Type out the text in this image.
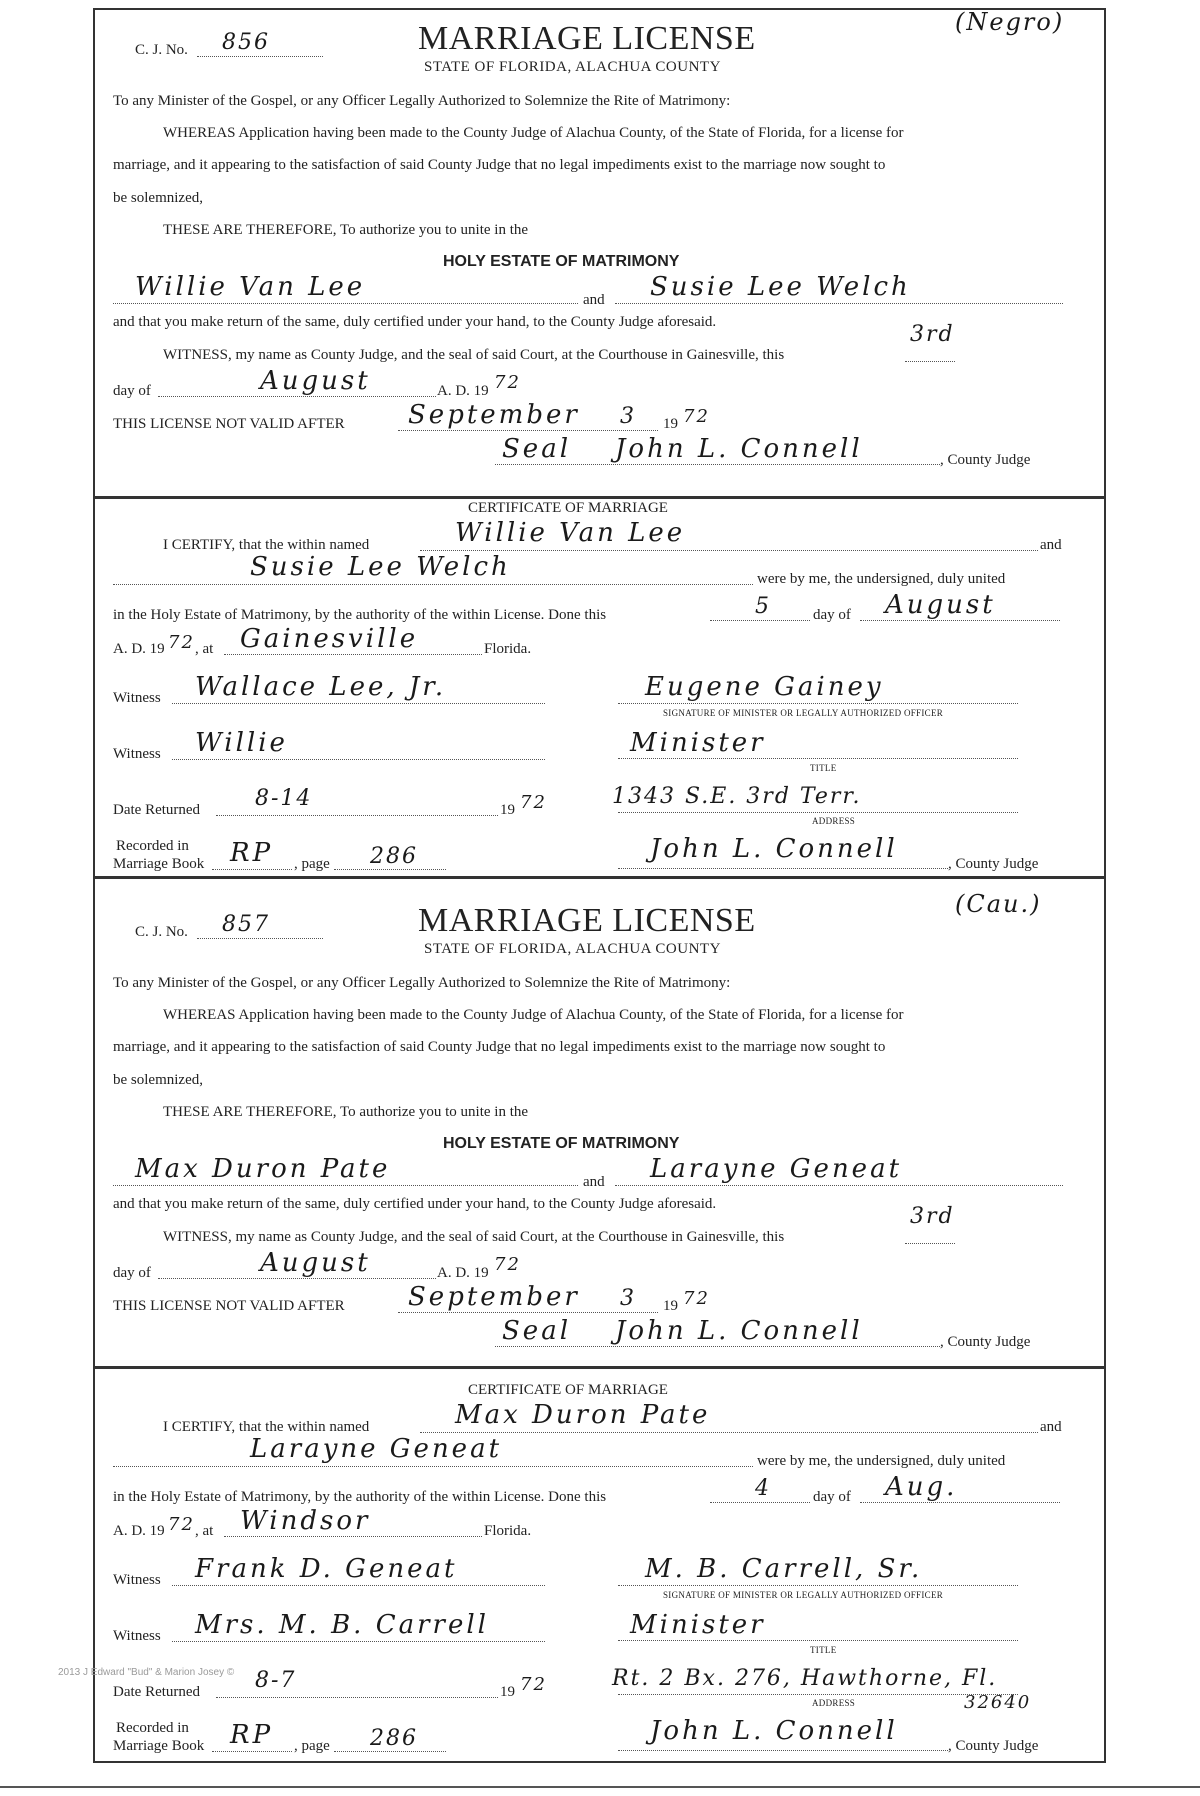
C. J. No. 856	MARRIAGE LICENSE
STATE OF FLORIDA, ALACHUA COUNTY
(Negro)
To any Minister of the Gospel, or any Officer Legally Authorized to Solemnize the Rite of Matrimony:
WHEREAS Application having been made to the County Judge of Alachua County, of the State of Florida, for a license for
marriage, and it appearing to the satisfaction of said County Judge that no legal impediments exist to the marriage now sought to
be solemnized,
THESE ARE THEREFORE, To authorize you to unite in the
HOLY ESTATE OF MATRIMONY
Willie Van Lee	and Susie Lee Welch
and that you make return of the same, duly certified under your hand, to the County Judge aforesaid.
WITNESS, my name as County Judge, and the seal of said Court, at the Courthouse in Gainesville, this
3rd
day of	August	A. D. 19 72
THIS LICENSE NOT VALID AFTER September 3 19 72
Seal John L. Connell	, County Judge
CERTIFICATE OF MARRIAGE
I CERTIFY, that the within named	Willie Van Lee	and
Susie Lee Welch	were by me, the undersigned, duly united
in the Holy Estate of Matrimony, by the authority of the within License. Done this	5	day of August
A. D. 19 72 , at Gainesville	Florida.
Witness Wallace Lee, Jr.	Eugene Gainey
SIGNATURE OF MINISTER OR LEGALLY AUTHORIZED OFFICER
Witness Willie	Minister
TITLE
Date Returned 8-14	19 72	1343 S.E. 3rd Terr.
ADDRESS
Recorded in
Marriage Book RP , page 286	John L. Connell	, County Judge
C. J. No. 857	MARRIAGE LICENSE
STATE OF FLORIDA, ALACHUA COUNTY
(Cau.)
To any Minister of the Gospel, or any Officer Legally Authorized to Solemnize the Rite of Matrimony:
WHEREAS Application having been made to the County Judge of Alachua County, of the State of Florida, for a license for
marriage, and it appearing to the satisfaction of said County Judge that no legal impediments exist to the marriage now sought to
be solemnized,
THESE ARE THEREFORE, To authorize you to unite in the
HOLY ESTATE OF MATRIMONY
Max Duron Pate	and Larayne Geneat
and that you make return of the same, duly certified under your hand, to the County Judge aforesaid.
WITNESS, my name as County Judge, and the seal of said Court, at the Courthouse in Gainesville, this
3rd
day of	August	A. D. 19 72
THIS LICENSE NOT VALID AFTER September 3 19 72
Seal John L. Connell	, County Judge
CERTIFICATE OF MARRIAGE
I CERTIFY, that the within named	Max Duron Pate	and
Larayne Geneat	were by me, the undersigned, duly united
in the Holy Estate of Matrimony, by the authority of the within License. Done this	4	day of Aug.
A. D. 19 72 , at Windsor	Florida.
Witness Frank D. Geneat	M. B. Carrell, Sr.
SIGNATURE OF MINISTER OR LEGALLY AUTHORIZED OFFICER
Witness Mrs. M. B. Carrell	Minister
TITLE
Date Returned 8-7	19 72	Rt. 2 Bx. 276, Hawthorne, Fl.
32640
ADDRESS
Recorded in
Marriage Book RP , page 286	John L. Connell	, County Judge
2013 J Edward "Bud" & Marion Josey ©
